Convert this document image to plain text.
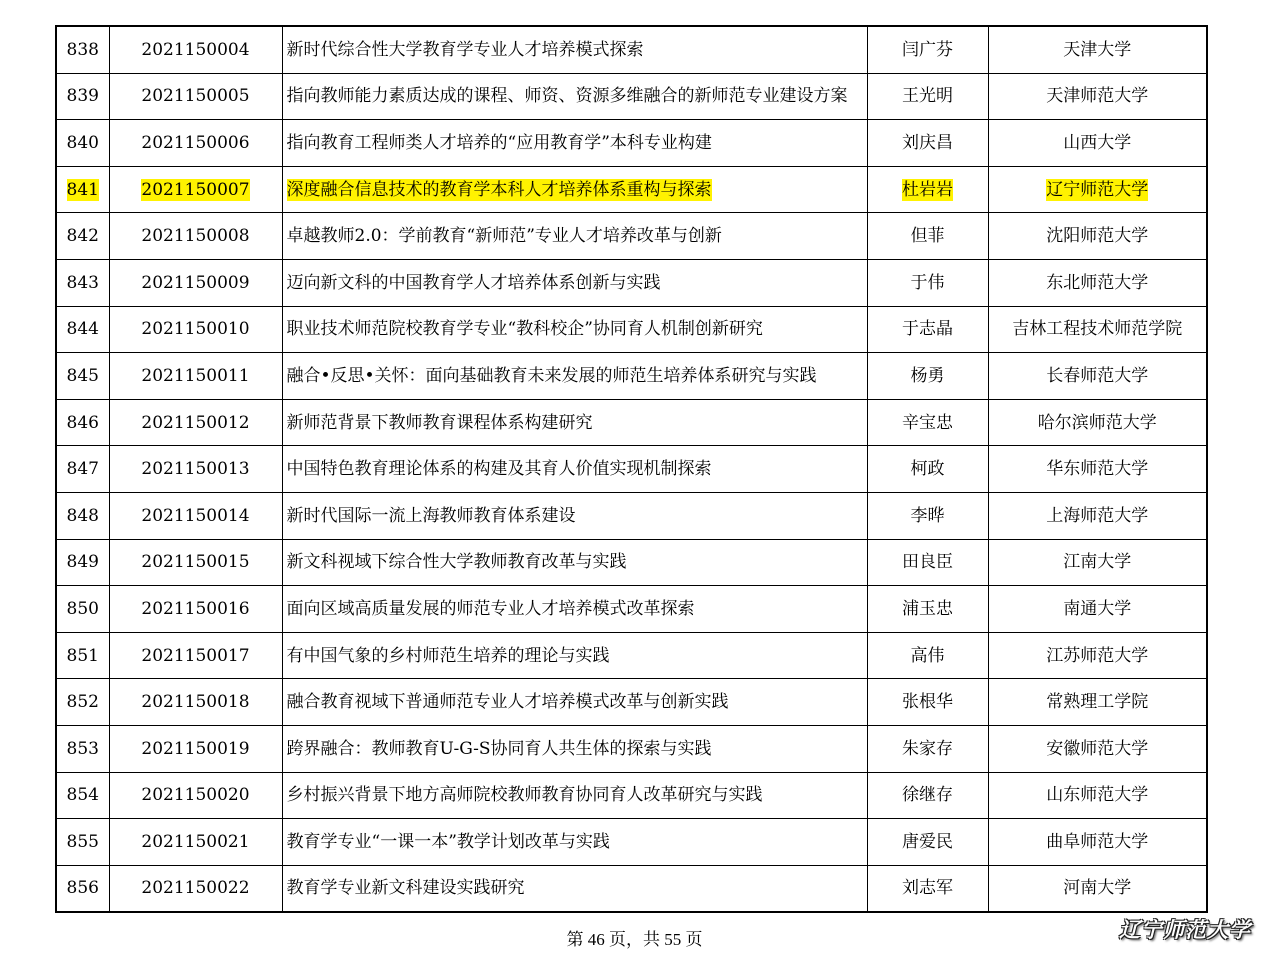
838	2021150004	新时代综合性大学教育学专业人才培养模式探索	闫广芬	天津大学
839	2021150005	指向教师能力素质达成的课程、师资、资源多维融合的新师范专业建设方案	王光明	天津师范大学
840	2021150006	指向教育工程师类人才培养的“应用教育学”本科专业构建	刘庆昌	山西大学
841	2021150007	深度融合信息技术的教育学本科人才培养体系重构与探索	杜岩岩	辽宁师范大学
842	2021150008	卓越教师2.0：学前教育“新师范”专业人才培养改革与创新	但菲	沈阳师范大学
843	2021150009	迈向新文科的中国教育学人才培养体系创新与实践	于伟	东北师范大学
844	2021150010	职业技术师范院校教育学专业“教科校企”协同育人机制创新研究	于志晶	吉林工程技术师范学院
845	2021150011	融合•反思•关怀：面向基础教育未来发展的师范生培养体系研究与实践	杨勇	长春师范大学
846	2021150012	新师范背景下教师教育课程体系构建研究	辛宝忠	哈尔滨师范大学
847	2021150013	中国特色教育理论体系的构建及其育人价值实现机制探索	柯政	华东师范大学
848	2021150014	新时代国际一流上海教师教育体系建设	李晔	上海师范大学
849	2021150015	新文科视域下综合性大学教师教育改革与实践	田良臣	江南大学
850	2021150016	面向区域高质量发展的师范专业人才培养模式改革探索	浦玉忠	南通大学
851	2021150017	有中国气象的乡村师范生培养的理论与实践	高伟	江苏师范大学
852	2021150018	融合教育视域下普通师范专业人才培养模式改革与创新实践	张根华	常熟理工学院
853	2021150019	跨界融合：教师教育U-G-S协同育人共生体的探索与实践	朱家存	安徽师范大学
854	2021150020	乡村振兴背景下地方高师院校教师教育协同育人改革研究与实践	徐继存	山东师范大学
855	2021150021	教育学专业“一课一本”教学计划改革与实践	唐爱民	曲阜师范大学
856	2021150022	教育学专业新文科建设实践研究	刘志军	河南大学
第 46 页，共 55 页	辽宁师范大学
